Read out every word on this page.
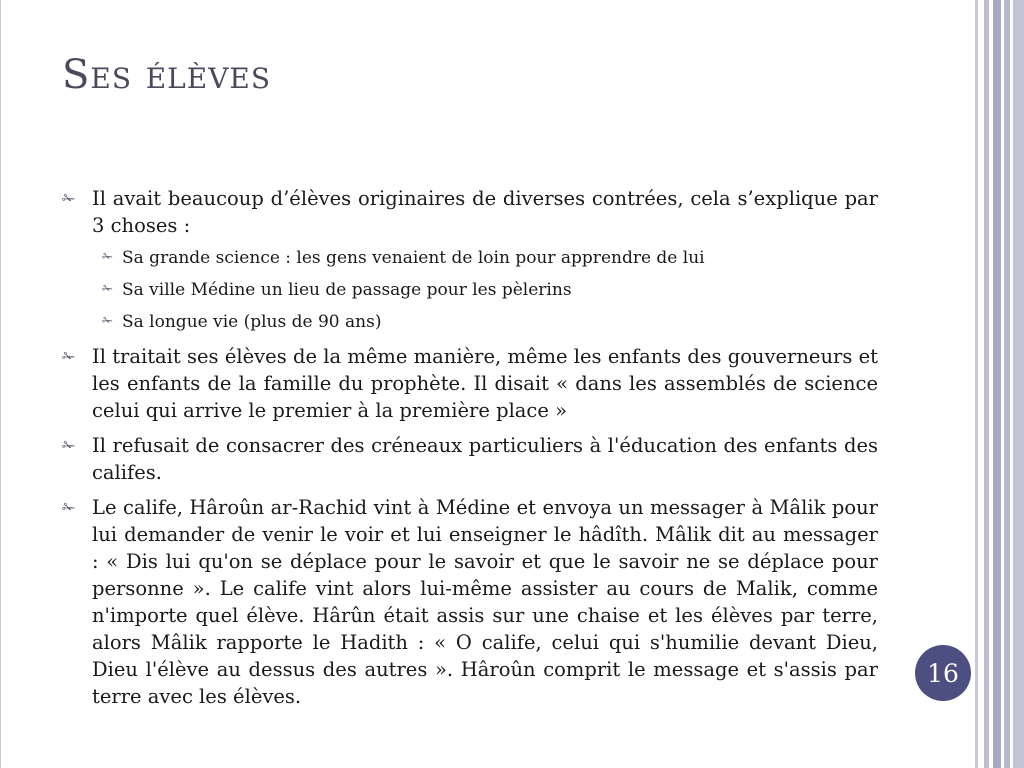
Ses élèves
✁ Il avait beaucoup d’élèves originaires de diverses contrées, cela s’explique par 3 choses :
✁ Sa grande science : les gens venaient de loin pour apprendre de lui
✁ Sa ville Médine un lieu de passage pour les pèlerins
✁ Sa longue vie (plus de 90 ans)
✁ Il traitait ses élèves de la même manière, même les enfants des gouverneurs et les enfants de la famille du prophète. Il disait « dans les assemblés de science celui qui arrive le premier à la première place »
✁ Il refusait de consacrer des créneaux particuliers à l'éducation des enfants des califes.
✁ Le calife, Hâroûn ar-Rachid vint à Médine et envoya un messager à Mâlik pour lui demander de venir le voir et lui enseigner le hâdîth. Mâlik dit au messager : « Dis lui qu'on se déplace pour le savoir et que le savoir ne se déplace pour personne ». Le calife vint alors lui-même assister au cours de Malik, comme n'importe quel élève. Hârûn était assis sur une chaise et les élèves par terre, alors Mâlik rapporte le Hadith : « O calife, celui qui s'humilie devant Dieu, Dieu l'élève au dessus des autres ». Hâroûn comprit le message et s'assis par terre avec les élèves.
16
